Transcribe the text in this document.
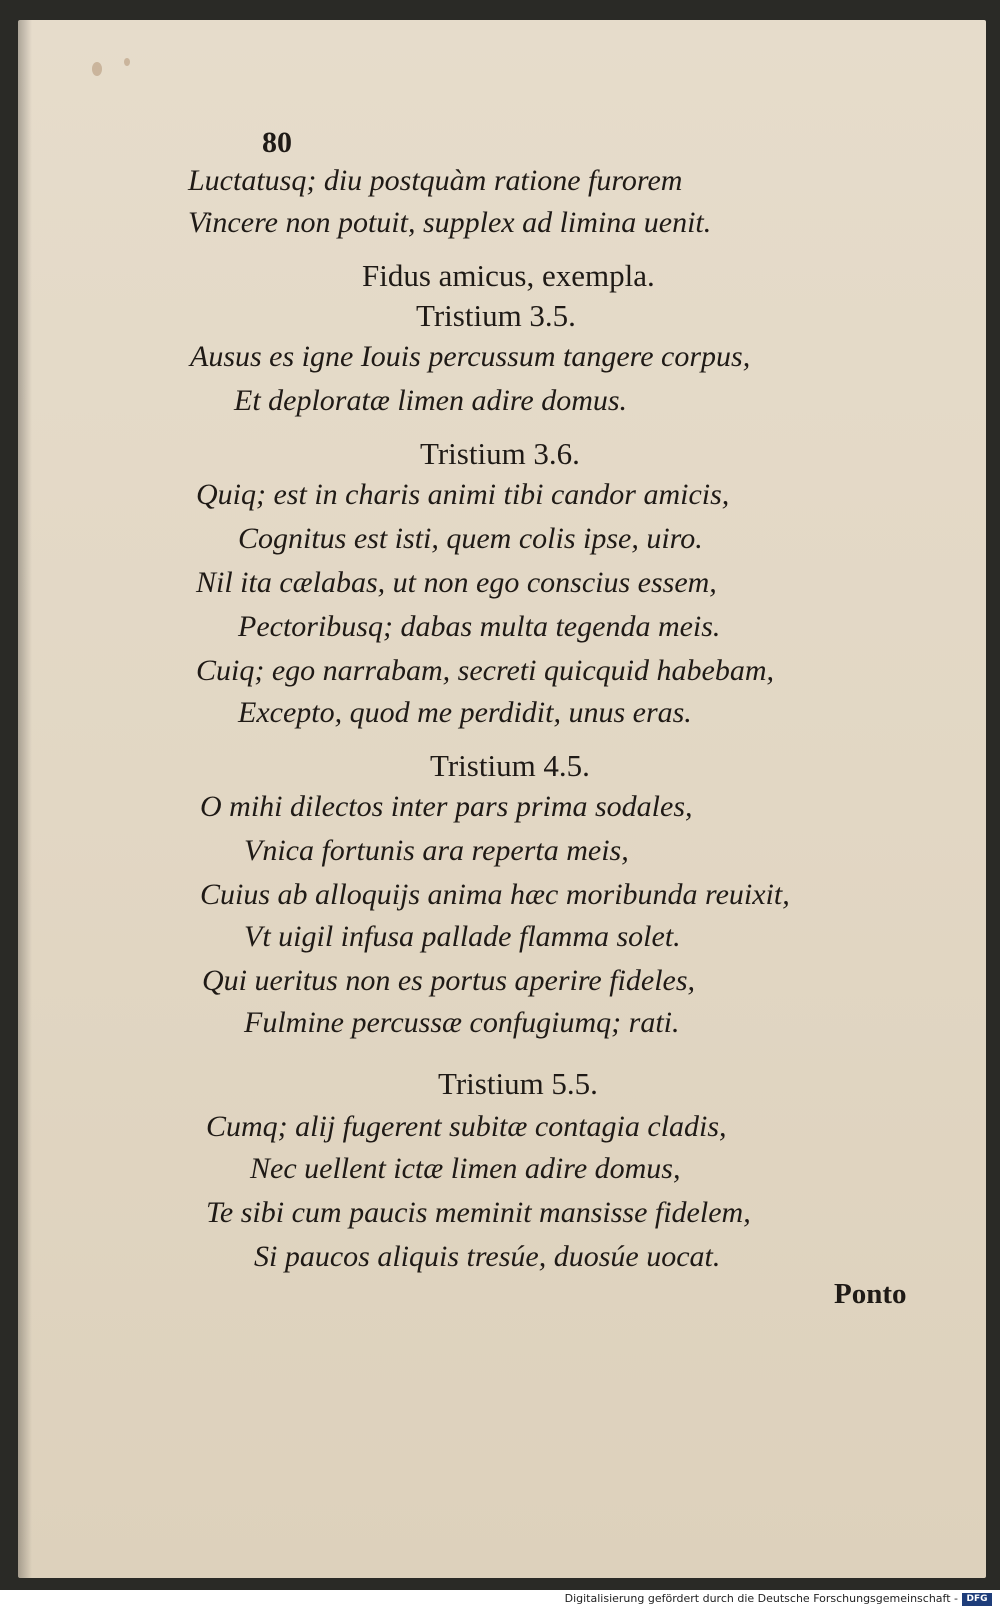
80
Luctatusq; diu postquàm ratione furorem
Vincere non potuit, supplex ad limina uenit.
Fidus amicus, exempla.
Tristium 3.5.
Ausus es igne Iouis percussum tangere corpus,
Et deploratæ limen adire domus.
Tristium 3.6.
Quiq; est in charis animi tibi candor amicis,
Cognitus est isti, quem colis ipse, uiro.
Nil ita cælabas, ut non ego conscius essem,
Pectoribusq; dabas multa tegenda meis.
Cuiq; ego narrabam, secreti quicquid habebam,
Excepto, quod me perdidit, unus eras.
Tristium 4.5.
O mihi dilectos inter pars prima sodales,
Vnica fortunis ara reperta meis,
Cuius ab alloquijs anima hæc moribunda reuixit,
Vt uigil infusa pallade flamma solet.
Qui ueritus non es portus aperire fideles,
Fulmine percussæ confugiumq; rati.
Tristium 5.5.
Cumq; alij fugerent subitæ contagia cladis,
Nec uellent ictæ limen adire domus,
Te sibi cum paucis meminit mansisse fidelem,
Si paucos aliquis tresúe, duosúe uocat.
Ponto
Digitalisierung gefördert durch die Deutsche Forschungsgemeinschaft - DFG
